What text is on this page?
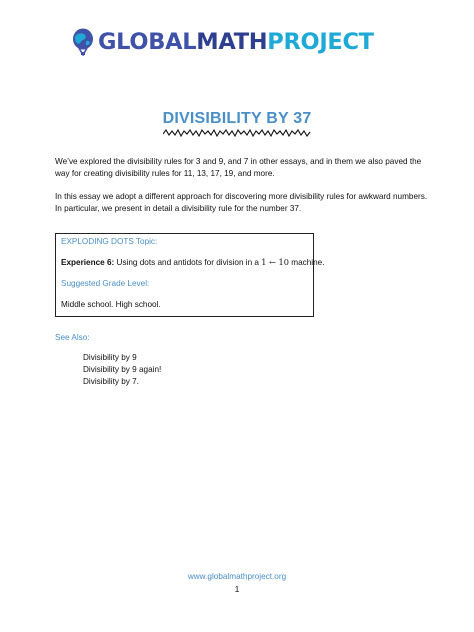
GLOBALMATHPROJECT
DIVISIBILITY BY 37

We’ve explored the divisibility rules for 3 and 9, and 7 in other essays, and in them we also paved the way for creating divisibility rules for 11, 13, 17, 19, and more.

In this essay we adopt a different approach for discovering more divisibility rules for awkward numbers. In particular, we present in detail a divisibility rule for the number 37.

EXPLODING DOTS Topic:
Experience 6: Using dots and antidots for division in a 1 ← 10 machine.
Suggested Grade Level:
Middle school. High school.
See Also:
Divisibility by 9
Divisibility by 9 again!
Divisibility by 7.
www.globalmathproject.org
1
